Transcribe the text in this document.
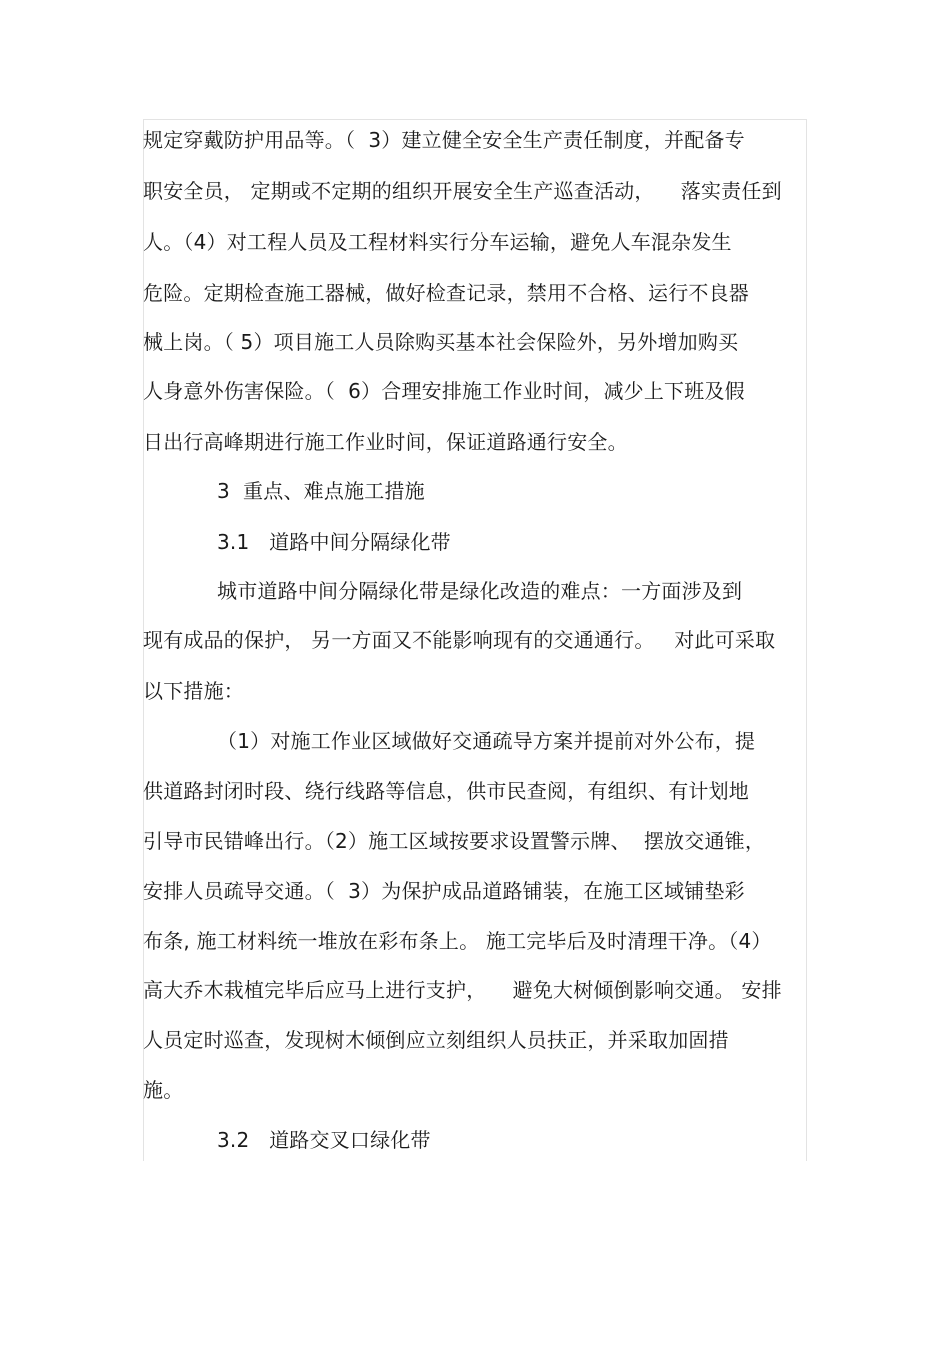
规定穿戴防护用品等。（  3）建立健全安全生产责任制度，并配备专
职安全员， 定期或不定期的组织开展安全生产巡查活动，    落实责任到
人。（4）对工程人员及工程材料实行分车运输，避免人车混杂发生
危险。定期检查施工器械，做好检查记录，禁用不合格、运行不良器
械上岗。（ 5）项目施工人员除购买基本社会保险外，另外增加购买
人身意外伤害保险。（  6）合理安排施工作业时间，减少上下班及假
日出行高峰期进行施工作业时间，保证道路通行安全。
3  重点、难点施工措施
3.1   道路中间分隔绿化带
城市道路中间分隔绿化带是绿化改造的难点：一方面涉及到
现有成品的保护， 另一方面又不能影响现有的交通通行。   对此可采取
以下措施：
（1）对施工作业区域做好交通疏导方案并提前对外公布，提
供道路封闭时段、绕行线路等信息，供市民查阅，有组织、有计划地
引导市民错峰出行。（2）施工区域按要求设置警示牌、  摆放交通锥，
安排人员疏导交通。（  3）为保护成品道路铺装，在施工区域铺垫彩
布条, 施工材料统一堆放在彩布条上。 施工完毕后及时清理干净。（4）
高大乔木栽植完毕后应马上进行支护，    避免大树倾倒影响交通。 安排
人员定时巡查，发现树木倾倒应立刻组织人员扶正，并采取加固措
施。
3.2   道路交叉口绿化带
